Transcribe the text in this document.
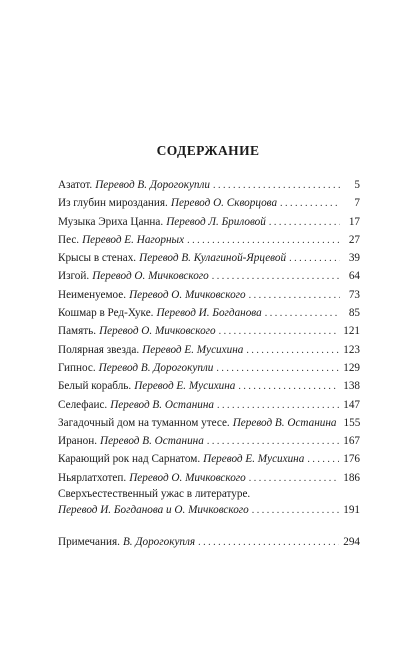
СОДЕРЖАНИЕ
Азатот. Перевод В. Дорогокупли . . .	5
Из глубин мироздания. Перевод О. Скворцова . . .	7
Музыка Эриха Цанна. Перевод Л. Бриловой . . .	17
Пес. Перевод Е. Нагорных . . .	27
Крысы в стенах. Перевод В. Кулагиной-Ярцевой . . .	39
Изгой. Перевод О. Мичковского . . .	64
Неименуемое. Перевод О. Мичковского . . .	73
Кошмар в Ред-Хуке. Перевод И. Богданова . . .	85
Память. Перевод О. Мичковского . . .	121
Полярная звезда. Перевод Е. Мусихина . . .	123
Гипнос. Перевод В. Дорогокупли . . .	129
Белый корабль. Перевод Е. Мусихина . . .	138
Селефаис. Перевод В. Останина . . .	147
Загадочный дом на туманном утесе. Перевод В. Останина 155
Иранон. Перевод В. Останина . . .	167
Карающий рок над Сарнатом. Перевод Е. Мусихина . . .	176
Ньярлатхотеп. Перевод О. Мичковского . . .	186
Сверхъестественный ужас в литературе.
Перевод И. Богданова и О. Мичковского . . .	191
Примечания. В. Дорогокупля . . .	294
